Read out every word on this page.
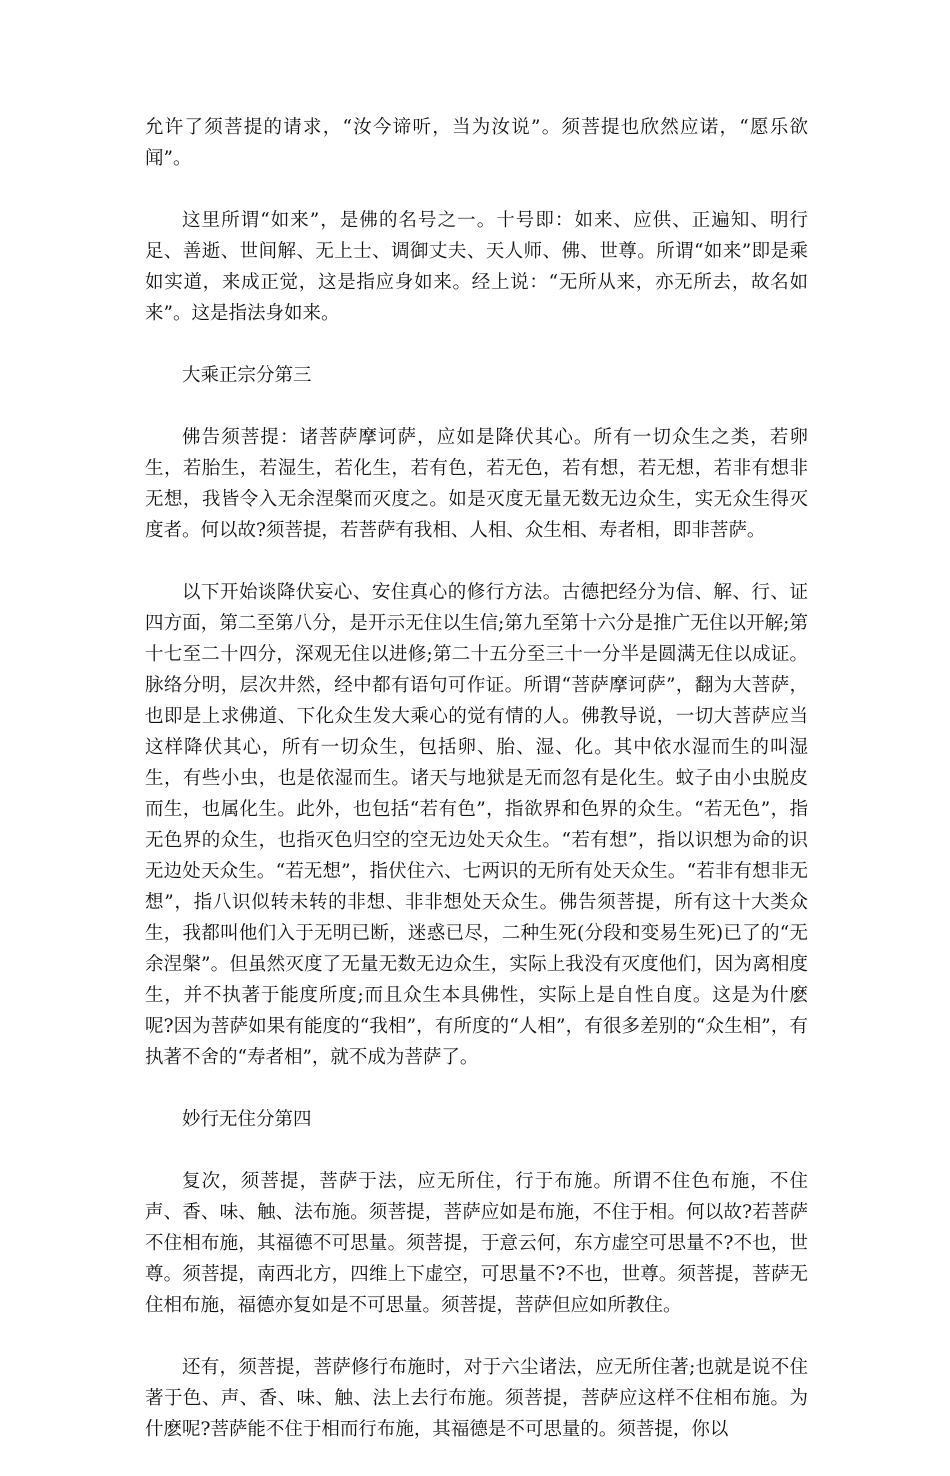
允许了须菩提的请求，“汝今谛听，当为汝说”。须菩提也欣然应诺，“愿乐欲闻”。

这里所谓“如来”，是佛的名号之一。十号即：如来、应供、正遍知、明行足、善逝、世间解、无上士、调御丈夫、天人师、佛、世尊。所谓“如来”即是乘如实道，来成正觉，这是指应身如来。经上说：“无所从来，亦无所去，故名如来”。这是指法身如来。

大乘正宗分第三

佛告须菩提：诸菩萨摩诃萨，应如是降伏其心。所有一切众生之类，若卵生，若胎生，若湿生，若化生，若有色，若无色，若有想，若无想，若非有想非无想，我皆令入无余涅槃而灭度之。如是灭度无量无数无边众生，实无众生得灭度者。何以故?须菩提，若菩萨有我相、人相、众生相、寿者相，即非菩萨。

以下开始谈降伏妄心、安住真心的修行方法。古德把经分为信、解、行、证四方面，第二至第八分，是开示无住以生信;第九至第十六分是推广无住以开解;第十七至二十四分，深观无住以进修;第二十五分至三十一分半是圆满无住以成证。脉络分明，层次井然，经中都有语句可作证。所谓“菩萨摩诃萨”，翻为大菩萨，也即是上求佛道、下化众生发大乘心的觉有情的人。佛教导说，一切大菩萨应当这样降伏其心，所有一切众生，包括卵、胎、湿、化。其中依水湿而生的叫湿生，有些小虫，也是依湿而生。诸天与地狱是无而忽有是化生。蚊子由小虫脱皮而生，也属化生。此外，也包括“若有色”，指欲界和色界的众生。“若无色”，指无色界的众生，也指灭色归空的空无边处天众生。“若有想”，指以识想为命的识无边处天众生。“若无想”，指伏住六、七两识的无所有处天众生。“若非有想非无想”，指八识似转未转的非想、非非想处天众生。佛告须菩提，所有这十大类众生，我都叫他们入于无明已断，迷惑已尽，二种生死(分段和变易生死)已了的“无余涅槃”。但虽然灭度了无量无数无边众生，实际上我没有灭度他们，因为离相度生，并不执著于能度所度;而且众生本具佛性，实际上是自性自度。这是为什麽呢?因为菩萨如果有能度的“我相”，有所度的“人相”，有很多差别的“众生相”，有执著不舍的“寿者相”，就不成为菩萨了。

妙行无住分第四

复次，须菩提，菩萨于法，应无所住，行于布施。所谓不住色布施，不住声、香、味、触、法布施。须菩提，菩萨应如是布施，不住于相。何以故?若菩萨不住相布施，其福德不可思量。须菩提，于意云何，东方虚空可思量不?不也，世尊。须菩提，南西北方，四维上下虚空，可思量不?不也，世尊。须菩提，菩萨无住相布施，福德亦复如是不可思量。须菩提，菩萨但应如所教住。

还有，须菩提，菩萨修行布施时，对于六尘诸法，应无所住著;也就是说不住著于色、声、香、味、触、法上去行布施。须菩提，菩萨应这样不住相布施。为什麽呢?菩萨能不住于相而行布施，其福德是不可思量的。须菩提，你以
